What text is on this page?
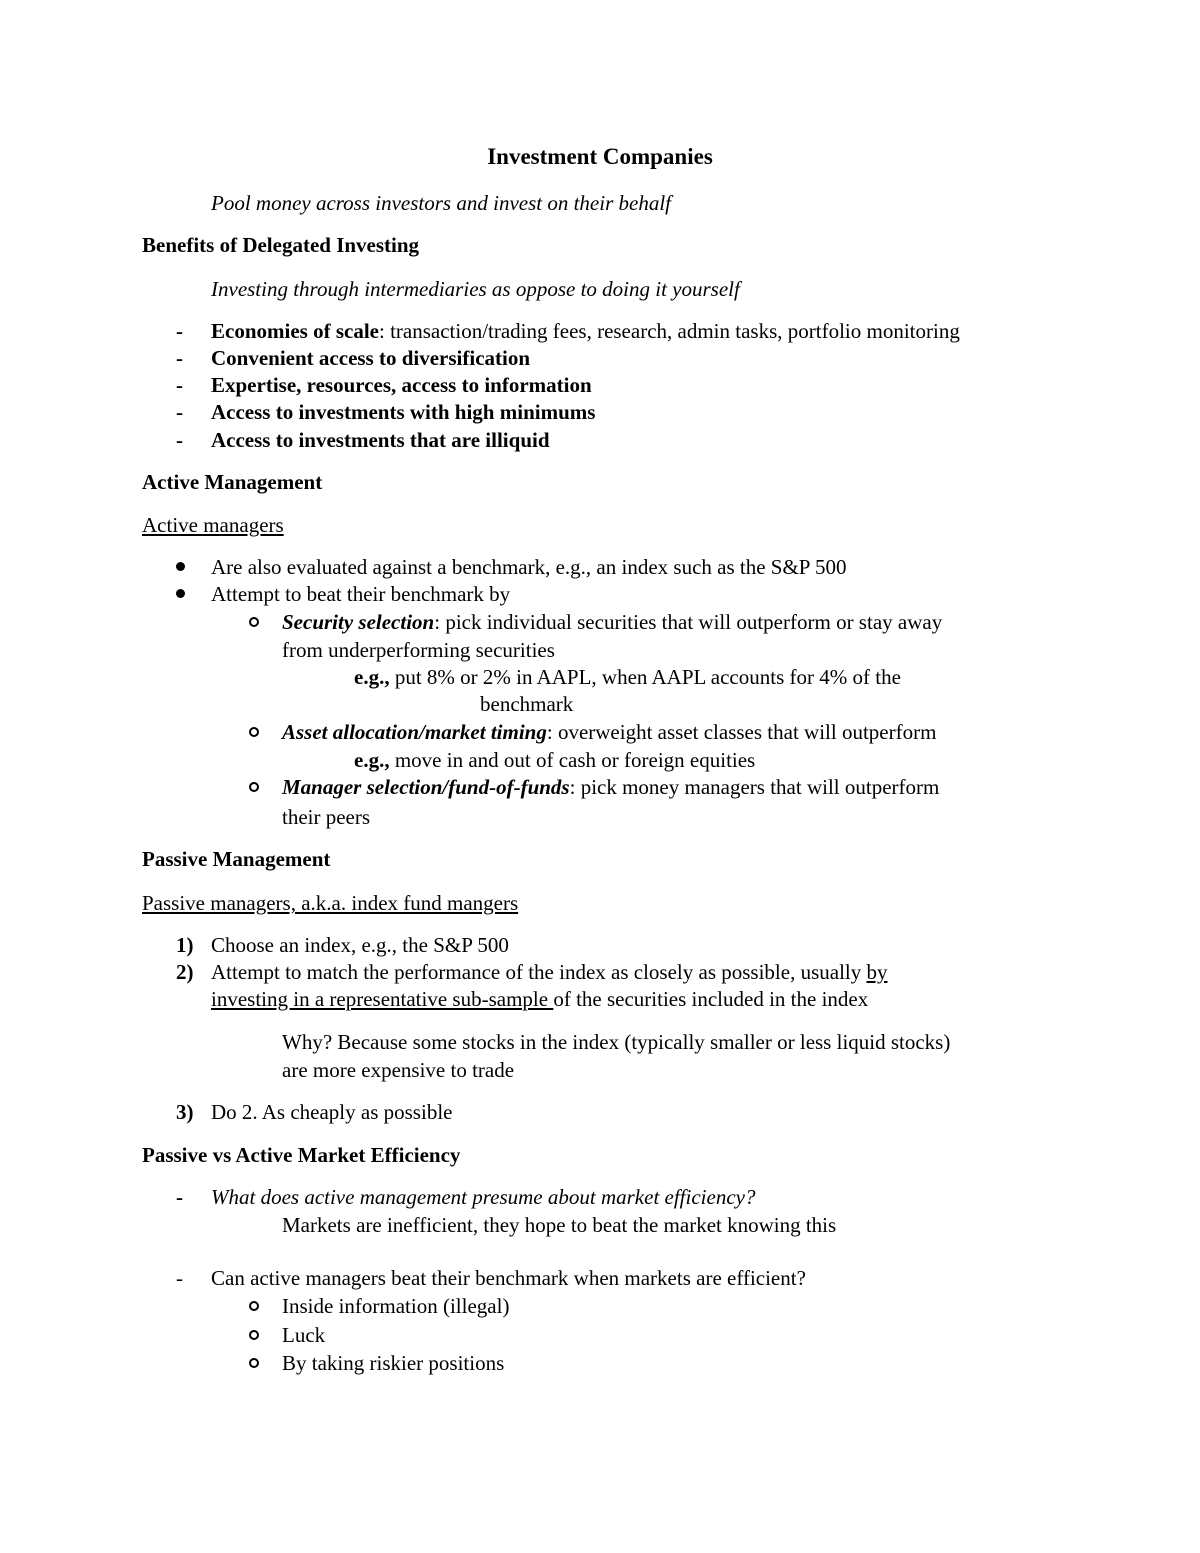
Investment Companies
Pool money across investors and invest on their behalf
Benefits of Delegated Investing
Investing through intermediaries as oppose to doing it yourself
- Economies of scale: transaction/trading fees, research, admin tasks, portfolio monitoring
- Convenient access to diversification
- Expertise, resources, access to information
- Access to investments with high minimums
- Access to investments that are illiquid
Active Management
Active managers
Are also evaluated against a benchmark, e.g., an index such as the S&P 500
Attempt to beat their benchmark by
Security selection: pick individual securities that will outperform or stay away
from underperforming securities
e.g., put 8% or 2% in AAPL, when AAPL accounts for 4% of the
benchmark
Asset allocation/market timing: overweight asset classes that will outperform
e.g., move in and out of cash or foreign equities
Manager selection/fund-of-funds: pick money managers that will outperform
their peers
Passive Management
Passive managers, a.k.a. index fund mangers
1) Choose an index, e.g., the S&P 500
2) Attempt to match the performance of the index as closely as possible, usually by
investing in a representative sub-sample of the securities included in the index
Why? Because some stocks in the index (typically smaller or less liquid stocks)
are more expensive to trade
3) Do 2. As cheaply as possible
Passive vs Active Market Efficiency
- What does active management presume about market efficiency?
Markets are inefficient, they hope to beat the market knowing this
- Can active managers beat their benchmark when markets are efficient?
Inside information (illegal)
Luck
By taking riskier positions
